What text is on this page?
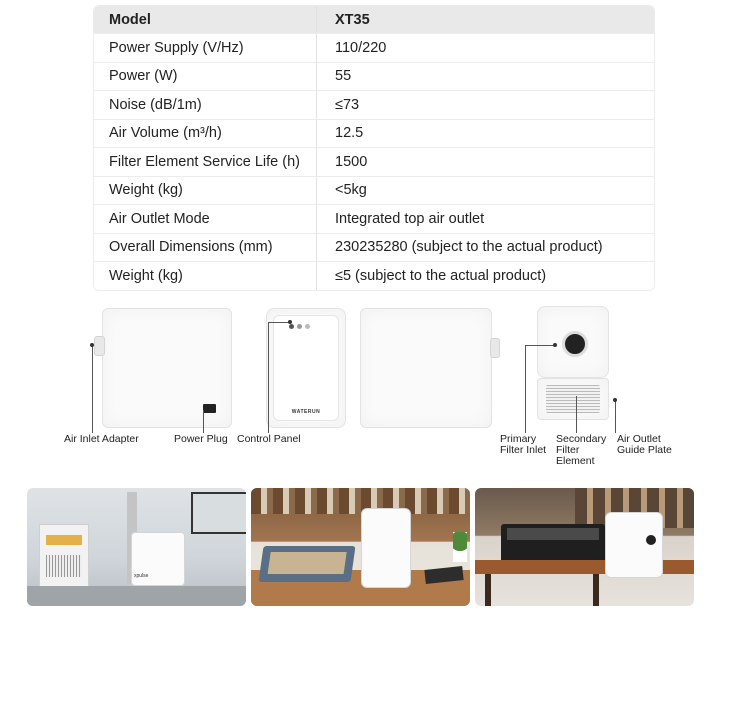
Model	XT35
Power Supply (V/Hz)	110/220
Power (W)	55
Noise (dB/1m)	≤73
Air Volume (m³/h)	12.5
Filter Element Service Life (h)	1500
Weight (kg)	<5kg
Air Outlet Mode	Integrated top air outlet
Overall Dimensions (mm)	230235280 (subject to the actual product)
Weight (kg)	≤5 (subject to the actual product)
WATERUN
Air Inlet Adapter	Power Plug Control Panel	Primary
Filter Inlet
Secondary
Filter
Element
Air Outlet
Guide Plate
xpulse
